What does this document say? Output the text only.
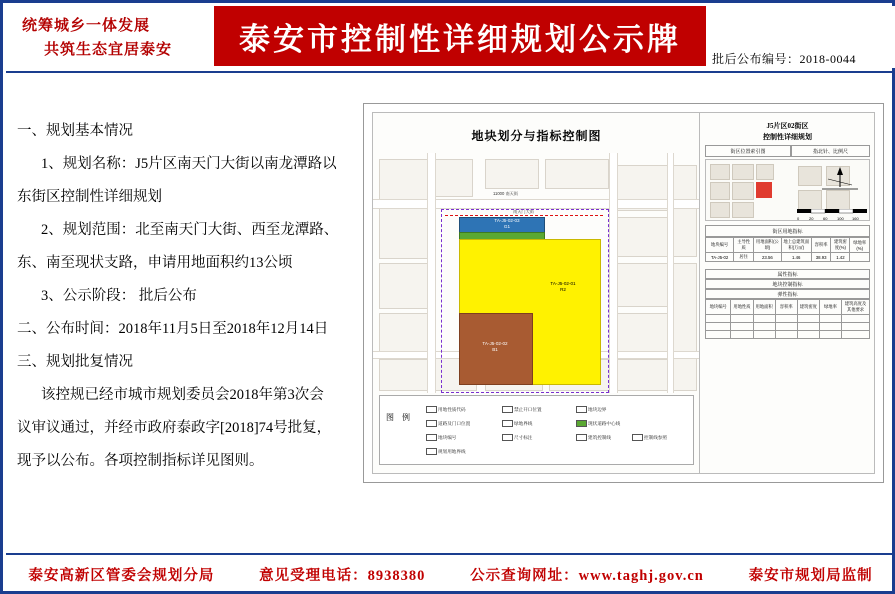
统筹城乡一体发展
共筑生态宜居泰安	泰安市控制性详细规划公示牌
批后公布编号：2018-0044

一、规划基本情况

1、规划名称：J5片区南天门大街以南龙潭路以

东街区控制性详细规划

2、规划范围：北至南天门大街、西至龙潭路、

东、南至现状支路，申请用地面积约13公顷

3、公示阶段： 批后公布

二、公布时间：2018年11月5日至2018年12月14日

三、规划批复情况

该控规已经市城市规划委员会2018年第3次会

议审议通过，并经市政府泰政字[2018]74号批复，

现予以公布。各项控制指标详见图则。

地块划分与指标控制图
11000 南天街
南天门大街
TA-J5-02-03
G1
TA-J5-02-01
R2
TA-J5-02-02
B1
图 例
用地性质代码
道路及门口位置
地块编号
规划用地界线
禁止开口位置
绿地界线
尺寸标注
地块边界
现状道路中心线
建筑控制线	控制线参照
J5片区02街区
控制性详细规划
街区位置索引图	指北针、比例尺
0 20 60 100 160
街区用地指标
地块编号	主导性质	用地面积(公顷)	地上总建筑面积(万㎡)	容积率	建筑密度(%)	绿地率(%)
TA-J5-02	居住	23.56	1.46	38.93	1.42	
属性指标
地块控制指标
弹性指标
地块编号	用地性质	用地面积	容积率	建筑密度	绿地率	建筑高度及其他要求

泰安高新区管委会规划分局	意见受理电话：8938380	公示查询网址：www.taghj.gov.cn	泰安市规划局监制
